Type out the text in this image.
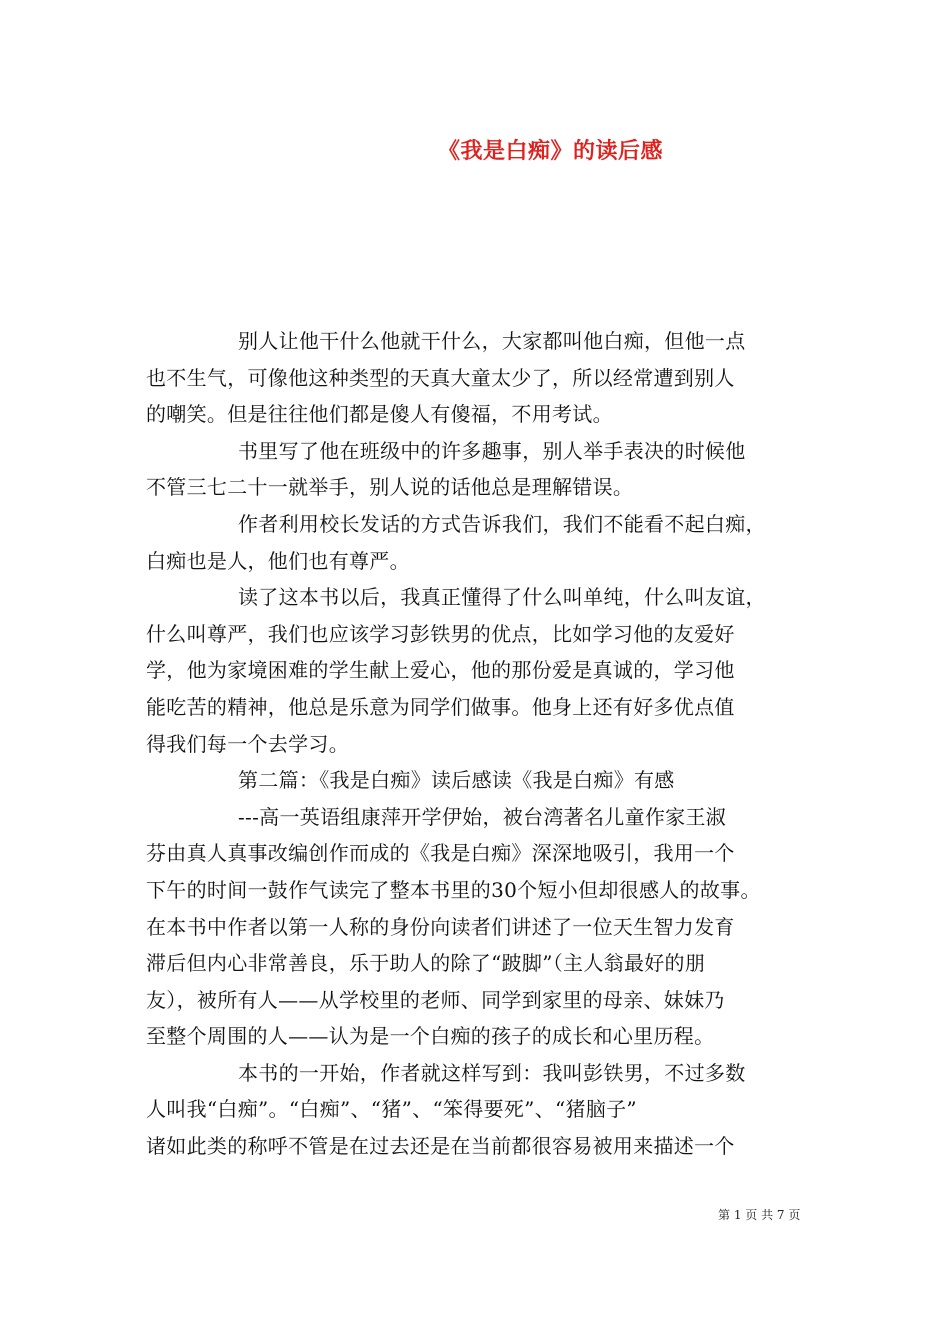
《我是白痴》的读后感
别人让他干什么他就干什么，大家都叫他白痴，但他一点
也不生气，可像他这种类型的天真大童太少了，所以经常遭到别人
的嘲笑。但是往往他们都是傻人有傻福，不用考试。
书里写了他在班级中的许多趣事，别人举手表决的时候他
不管三七二十一就举手，别人说的话他总是理解错误。
作者利用校长发话的方式告诉我们，我们不能看不起白痴，
白痴也是人，他们也有尊严。
读了这本书以后，我真正懂得了什么叫单纯，什么叫友谊，
什么叫尊严，我们也应该学习彭铁男的优点，比如学习他的友爱好
学，他为家境困难的学生献上爱心，他的那份爱是真诚的，学习他
能吃苦的精神，他总是乐意为同学们做事。他身上还有好多优点值
得我们每一个去学习。
第二篇：《我是白痴》读后感读《我是白痴》有感
---高一英语组康萍开学伊始，被台湾著名儿童作家王淑
芬由真人真事改编创作而成的《我是白痴》深深地吸引，我用一个
下午的时间一鼓作气读完了整本书里的30个短小但却很感人的故事。
在本书中作者以第一人称的身份向读者们讲述了一位天生智力发育
滞后但内心非常善良，乐于助人的除了“跛脚”（主人翁最好的朋
友），被所有人——从学校里的老师、同学到家里的母亲、妹妹乃
至整个周围的人——认为是一个白痴的孩子的成长和心里历程。
本书的一开始，作者就这样写到：我叫彭铁男，不过多数
人叫我“白痴”。“白痴”、“猪”、“笨得要死”、“猪脑子”
诸如此类的称呼不管是在过去还是在当前都很容易被用来描述一个
第 1 页 共 7 页
